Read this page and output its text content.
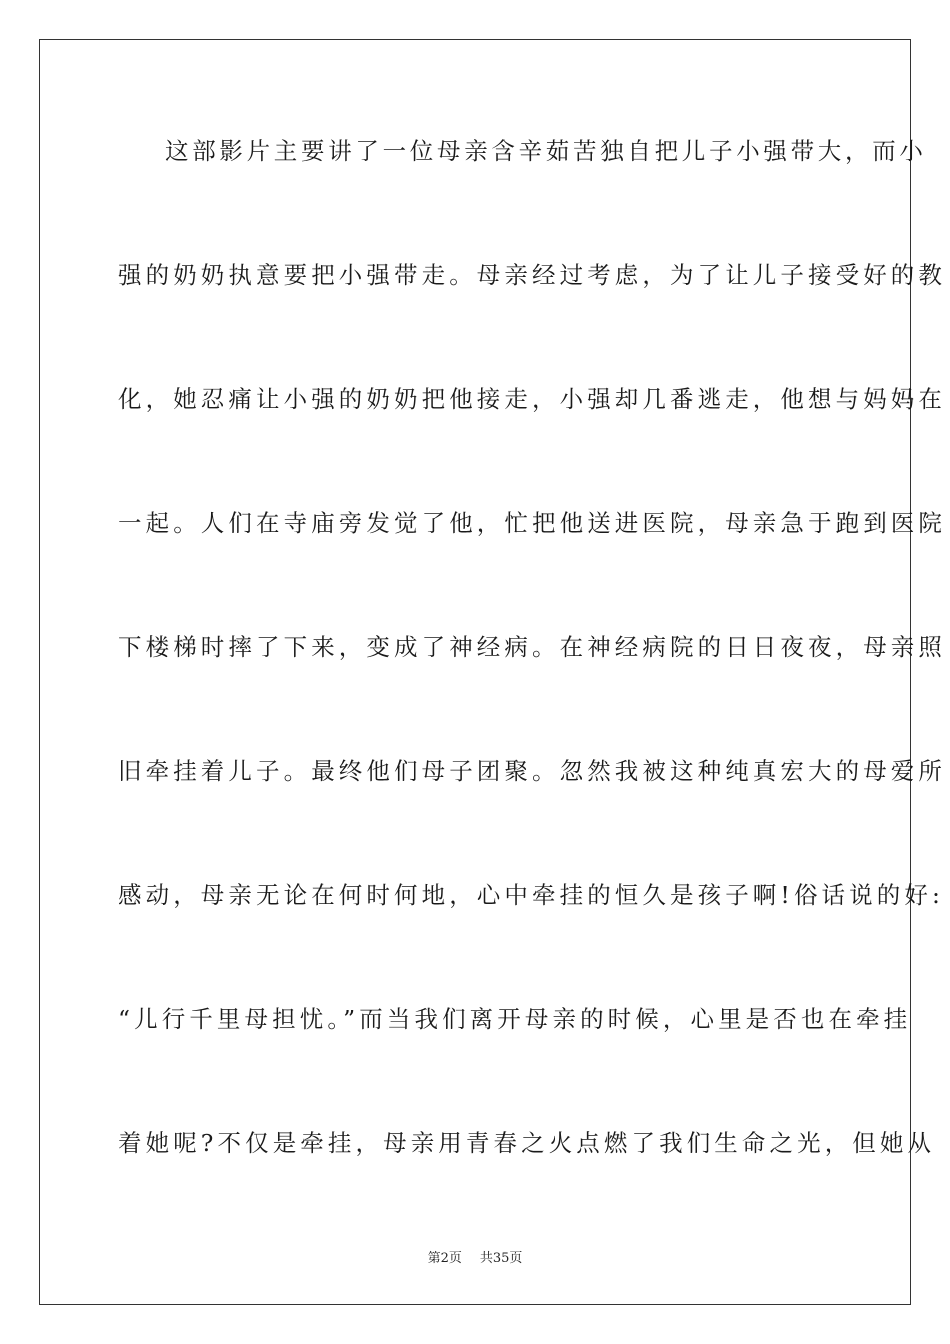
这部影片主要讲了一位母亲含辛茹苦独自把儿子小强带大，而小
强的奶奶执意要把小强带走。母亲经过考虑，为了让儿子接受好的教
化，她忍痛让小强的奶奶把他接走，小强却几番逃走，他想与妈妈在
一起。人们在寺庙旁发觉了他，忙把他送进医院，母亲急于跑到医院
下楼梯时摔了下来，变成了神经病。在神经病院的日日夜夜，母亲照
旧牵挂着儿子。最终他们母子团聚。忽然我被这种纯真宏大的母爱所
感动，母亲无论在何时何地，心中牵挂的恒久是孩子啊!俗话说的好:
“儿行千里母担忧。”而当我们离开母亲的时候，心里是否也在牵挂
着她呢?不仅是牵挂，母亲用青春之火点燃了我们生命之光，但她从
第2页 共35页
